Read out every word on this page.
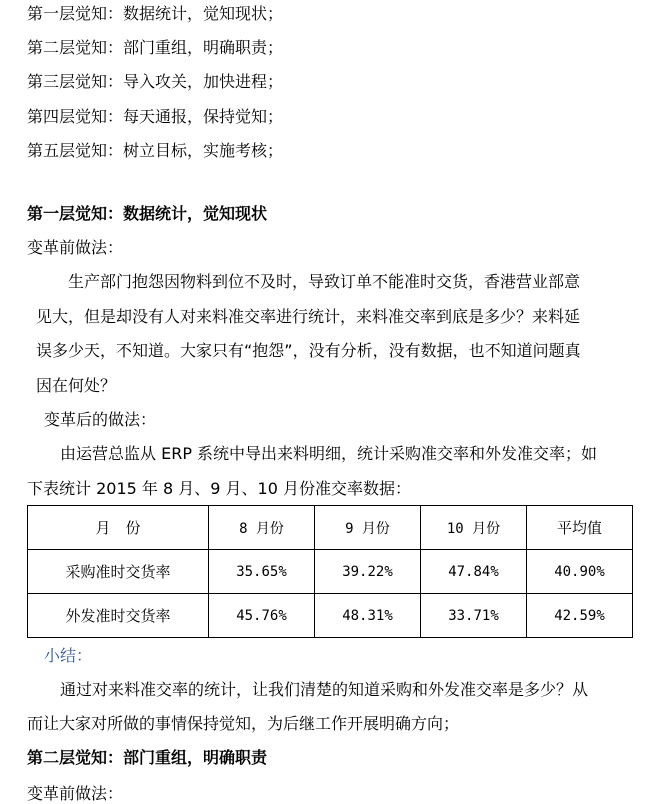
第一层觉知：数据统计，觉知现状；
第二层觉知：部门重组，明确职责；
第三层觉知：导入攻关，加快进程；
第四层觉知：每天通报，保持觉知；
第五层觉知：树立目标，实施考核；
第一层觉知：数据统计，觉知现状
变革前做法：
生产部门抱怨因物料到位不及时，导致订单不能准时交货，香港营业部意
见大，但是却没有人对来料准交率进行统计，来料准交率到底是多少？来料延
误多少天，不知道。大家只有“抱怨”，没有分析，没有数据，也不知道问题真
因在何处？
变革后的做法：
由运营总监从 ERP 系统中导出来料明细，统计采购准交率和外发准交率；如
下表统计 2015 年 8 月、9 月、10 月份准交率数据：
月　份	8 月份	9 月份	10 月份	平均值
采购准时交货率	35.65%	39.22%	47.84%	40.90%
外发准时交货率	45.76%	48.31%	33.71%	42.59%
小结：
通过对来料准交率的统计，让我们清楚的知道采购和外发准交率是多少？从
而让大家对所做的事情保持觉知，为后继工作开展明确方向；
第二层觉知：部门重组，明确职责
变革前做法：
